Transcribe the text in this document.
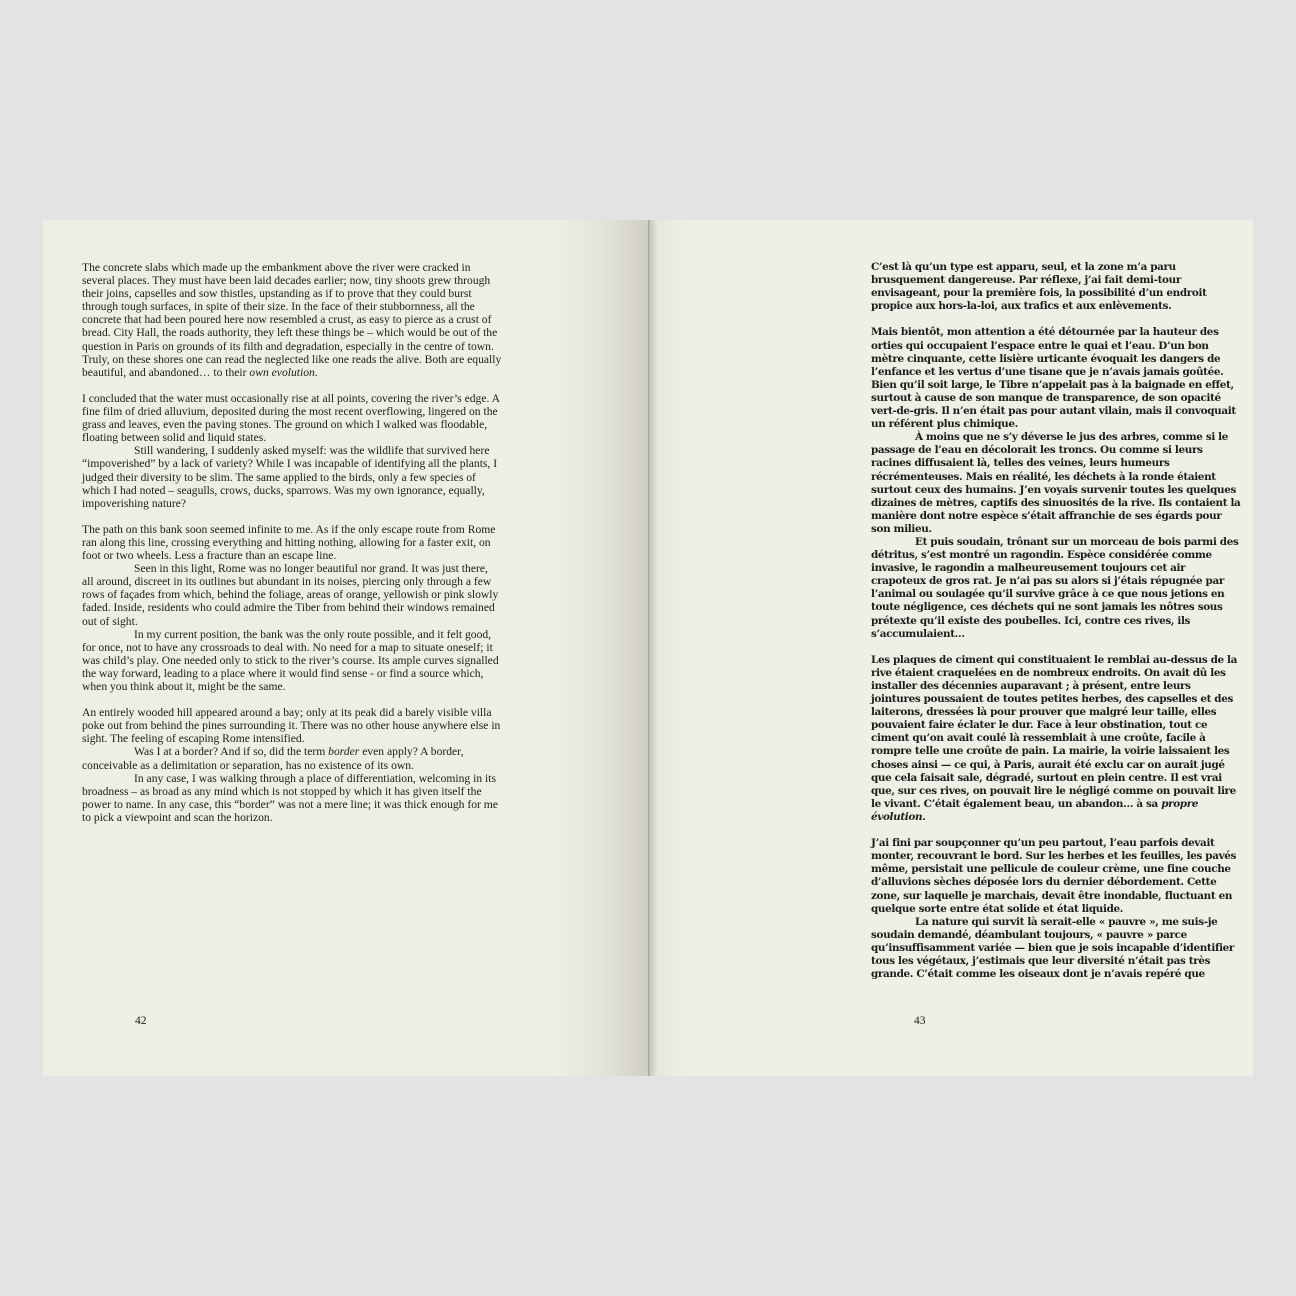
The concrete slabs which made up the embankment above the river were cracked in several places. They must have been laid decades earlier; now, tiny shoots grew through their joins, capselles and sow thistles, upstanding as if to prove that they could burst through tough surfaces, in spite of their size. In the face of their stubbornness, all the concrete that had been poured here now resembled a crust, as easy to pierce as a crust of bread. City Hall, the roads authority, they left these things be – which would be out of the question in Paris on grounds of its filth and degradation, especially in the centre of town. Truly, on these shores one can read the neglected like one reads the alive. Both are equally beautiful, and abandoned… to their own evolution.

I concluded that the water must occasionally rise at all points, covering the river’s edge. A fine film of dried alluvium, deposited during the most recent overflowing, lingered on the grass and leaves, even the paving stones. The ground on which I walked was floodable, floating between solid and liquid states.

Still wandering, I suddenly asked myself: was the wildlife that survived here “impoverished” by a lack of variety? While I was incapable of identifying all the plants, I judged their diversity to be slim. The same applied to the birds, only a few species of which I had noted – seagulls, crows, ducks, sparrows. Was my own ignorance, equally, impoverishing nature?

The path on this bank soon seemed infinite to me. As if the only escape route from Rome ran along this line, crossing everything and hitting nothing, allowing for a faster exit, on foot or two wheels. Less a fracture than an escape line.

Seen in this light, Rome was no longer beautiful nor grand. It was just there, all around, discreet in its outlines but abundant in its noises, piercing only through a few rows of façades from which, behind the foliage, areas of orange, yellowish or pink slowly faded. Inside, residents who could admire the Tiber from behind their windows remained out of sight.

In my current position, the bank was the only route possible, and it felt good, for once, not to have any crossroads to deal with. No need for a map to situate oneself; it was child’s play. One needed only to stick to the river’s course. Its ample curves signalled the way forward, leading to a place where it would find sense - or find a source which, when you think about it, might be the same.

An entirely wooded hill appeared around a bay; only at its peak did a barely visible villa poke out from behind the pines surrounding it. There was no other house anywhere else in sight. The feeling of escaping Rome intensified.

Was I at a border? And if so, did the term border even apply? A border, conceivable as a delimitation or separation, has no existence of its own.

In any case, I was walking through a place of differentiation, welcoming in its broadness – as broad as any mind which is not stopped by which it has given itself the power to name. In any case, this “border” was not a mere line; it was thick enough for me to pick a viewpoint and scan the horizon.

42

C’est là qu’un type est apparu, seul, et la zone m’a paru brusquement dangereuse. Par réflexe, j’ai fait demi-tour envisageant, pour la première fois, la possibilité d’un endroit propice aux hors-la-loi, aux trafics et aux enlèvements.

Mais bientôt, mon attention a été détournée par la hauteur des orties qui occupaient l’espace entre le quai et l’eau. D’un bon mètre cinquante, cette lisière urticante évoquait les dangers de l’enfance et les vertus d’une tisane que je n’avais jamais goûtée. Bien qu’il soit large, le Tibre n’appelait pas à la baignade en effet, surtout à cause de son manque de transparence, de son opacité vert-de-gris. Il n’en était pas pour autant vilain, mais il convoquait un référent plus chimique.

À moins que ne s’y déverse le jus des arbres, comme si le passage de l’eau en décolorait les troncs. Ou comme si leurs racines diffusaient là, telles des veines, leurs humeurs récrémenteuses. Mais en réalité, les déchets à la ronde étaient surtout ceux des humains. J’en voyais survenir toutes les quelques dizaines de mètres, captifs des sinuosités de la rive. Ils contaient la manière dont notre espèce s’était affranchie de ses égards pour son milieu.

Et puis soudain, trônant sur un morceau de bois parmi des détritus, s’est montré un ragondin. Espèce considérée comme invasive, le ragondin a malheureusement toujours cet air crapoteux de gros rat. Je n’ai pas su alors si j’étais répugnée par l’animal ou soulagée qu’il survive grâce à ce que nous jetions en toute négligence, ces déchets qui ne sont jamais les nôtres sous prétexte qu’il existe des poubelles. Ici, contre ces rives, ils s’accumulaient…

Les plaques de ciment qui constituaient le remblai au-dessus de la rive étaient craquelées en de nombreux endroits. On avait dû les installer des décennies auparavant ; à présent, entre leurs jointures poussaient de toutes petites herbes, des capselles et des laiterons, dressées là pour prouver que malgré leur taille, elles pouvaient faire éclater le dur. Face à leur obstination, tout ce ciment qu’on avait coulé là ressemblait à une croûte, facile à rompre telle une croûte de pain. La mairie, la voirie laissaient les choses ainsi — ce qui, à Paris, aurait été exclu car on aurait jugé que cela faisait sale, dégradé, surtout en plein centre. Il est vrai que, sur ces rives, on pouvait lire le négligé comme on pouvait lire le vivant. C’était également beau, un abandon… à sa propre évolution.

J’ai fini par soupçonner qu’un peu partout, l’eau parfois devait monter, recouvrant le bord. Sur les herbes et les feuilles, les pavés même, persistait une pellicule de couleur crème, une fine couche d’alluvions sèches déposée lors du dernier débordement. Cette zone, sur laquelle je marchais, devait être inondable, fluctuant en quelque sorte entre état solide et état liquide.

La nature qui survit là serait-elle « pauvre », me suis-je soudain demandé, déambulant toujours, « pauvre » parce qu’insuffisamment variée — bien que je sois incapable d’identifier tous les végétaux, j’estimais que leur diversité n’était pas très grande. C’était comme les oiseaux dont je n’avais repéré que

43
